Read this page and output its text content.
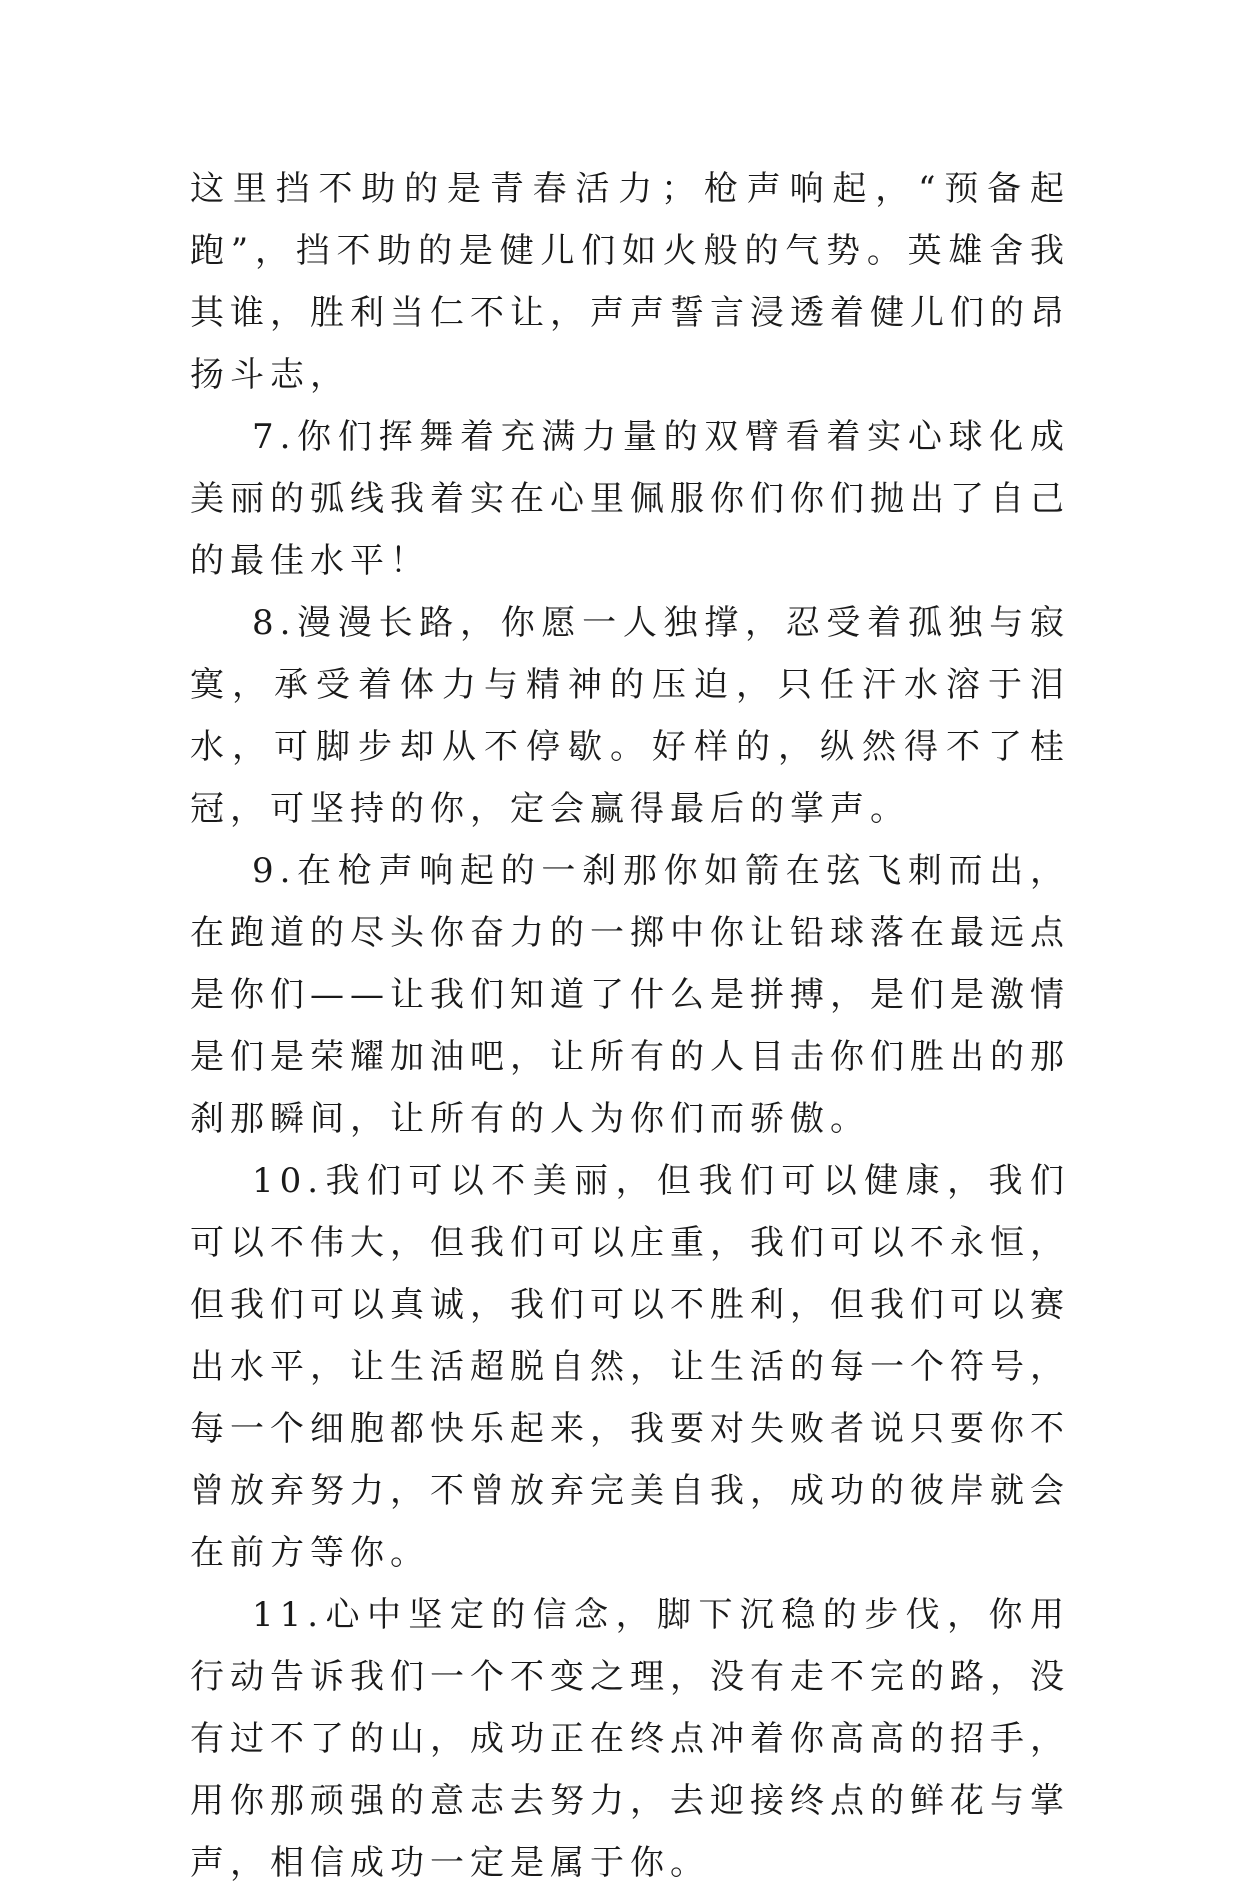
这里挡不助的是青春活力；枪声响起，“预备起跑”，挡不助的是健儿们如火般的气势。英雄舍我其谁，胜利当仁不让，声声誓言浸透着健儿们的昂扬斗志，

7.你们挥舞着充满力量的双臂看着实心球化成美丽的弧线我着实在心里佩服你们你们抛出了自己的最佳水平！

8.漫漫长路，你愿一人独撑，忍受着孤独与寂寞，承受着体力与精神的压迫，只任汗水溶于泪水，可脚步却从不停歇。好样的，纵然得不了桂冠，可坚持的你，定会赢得最后的掌声。

9.在枪声响起的一刹那你如箭在弦飞刺而出，在跑道的尽头你奋力的一掷中你让铅球落在最远点是你们——让我们知道了什么是拼搏，是们是激情是们是荣耀加油吧，让所有的人目击你们胜出的那刹那瞬间，让所有的人为你们而骄傲。

10.我们可以不美丽，但我们可以健康，我们可以不伟大，但我们可以庄重，我们可以不永恒，但我们可以真诚，我们可以不胜利，但我们可以赛出水平，让生活超脱自然，让生活的每一个符号，每一个细胞都快乐起来，我要对失败者说只要你不曾放弃努力，不曾放弃完美自我，成功的彼岸就会在前方等你。

11.心中坚定的信念，脚下沉稳的步伐，你用行动告诉我们一个不变之理，没有走不完的路，没有过不了的山，成功正在终点冲着你高高的招手，用你那顽强的意志去努力，去迎接终点的鲜花与掌声，相信成功一定是属于你。
